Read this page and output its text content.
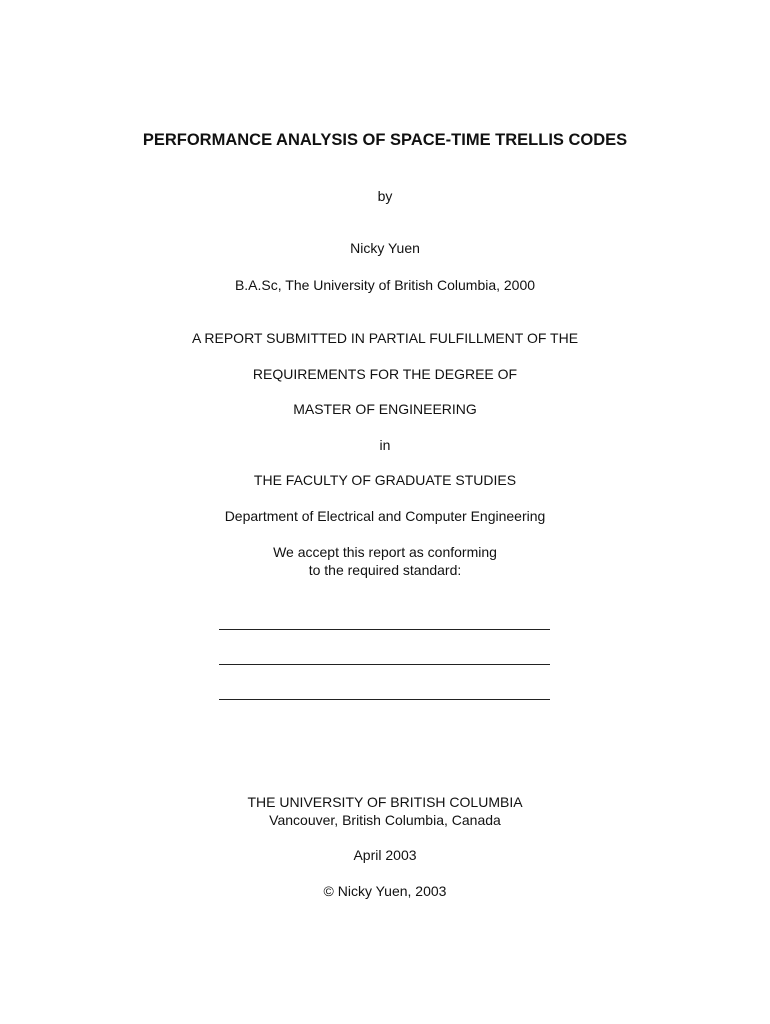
PERFORMANCE ANALYSIS OF SPACE-TIME TRELLIS CODES
by
Nicky Yuen
B.A.Sc, The University of British Columbia, 2000
A REPORT SUBMITTED IN PARTIAL FULFILLMENT OF THE
REQUIREMENTS FOR THE DEGREE OF
MASTER OF ENGINEERING
in
THE FACULTY OF GRADUATE STUDIES
Department of Electrical and Computer Engineering
We accept this report as conforming
to the required standard:
THE UNIVERSITY OF BRITISH COLUMBIA
Vancouver, British Columbia, Canada
April 2003
© Nicky Yuen, 2003
